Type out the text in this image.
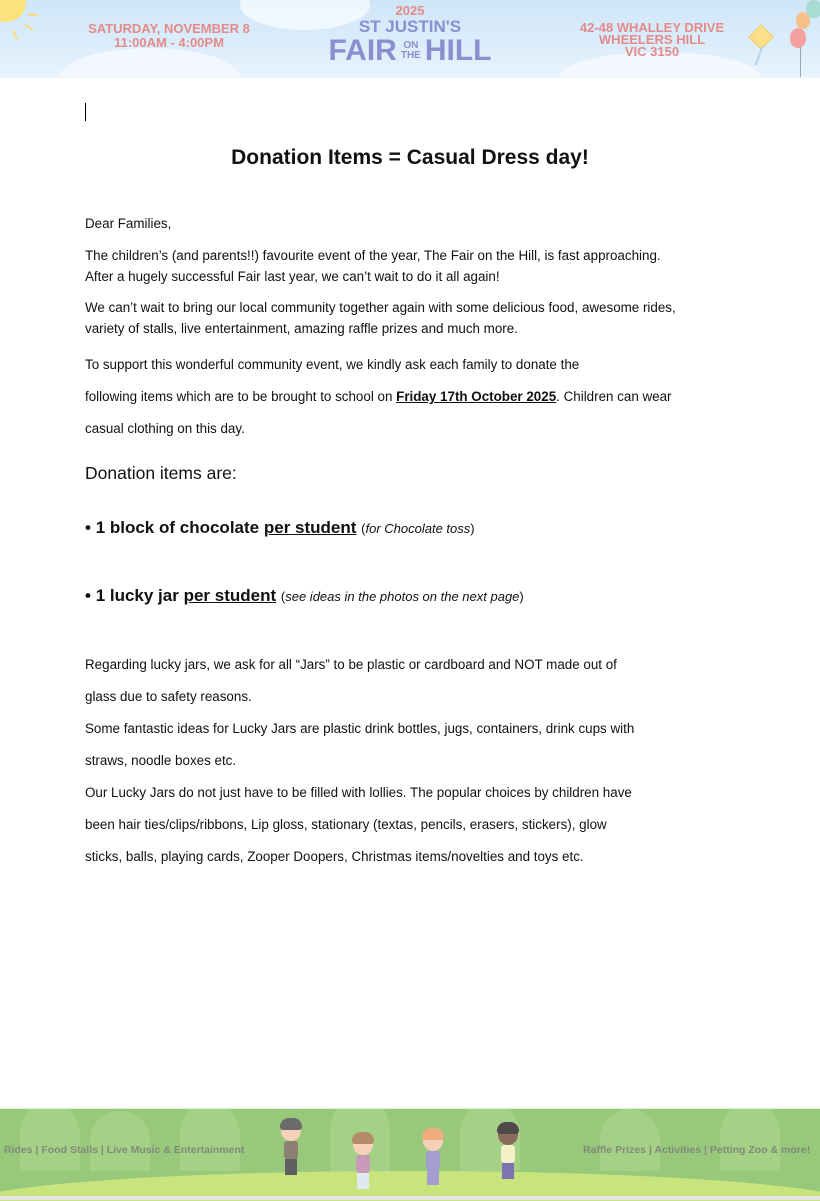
SATURDAY, NOVEMBER 8
11:00AM - 4:00PM
2025
ST JUSTIN'S
FAIR ON
THE HILL
42-48 WHALLEY DRIVE
WHEELERS HILL
VIC 3150
Donation Items = Casual Dress day!
Dear Families,
The children’s (and parents!!) favourite event of the year, The Fair on the Hill, is fast approaching.
After a hugely successful Fair last year, we can’t wait to do it all again!
We can’t wait to bring our local community together again with some delicious food, awesome rides,
variety of stalls, live entertainment, amazing raffle prizes and much more.
To support this wonderful community event, we kindly ask each family to donate the
following items which are to be brought to school on Friday 17th October 2025. Children can wear
casual clothing on this day.
Donation items are:
• 1 block of chocolate per student (for Chocolate toss)
• 1 lucky jar per student (see ideas in the photos on the next page)
Regarding lucky jars, we ask for all “Jars” to be plastic or cardboard and NOT made out of
glass due to safety reasons.
Some fantastic ideas for Lucky Jars are plastic drink bottles, jugs, containers, drink cups with
straws, noodle boxes etc.
Our Lucky Jars do not just have to be filled with lollies. The popular choices by children have
been hair ties/clips/ribbons, Lip gloss, stationary (textas, pencils, erasers, stickers), glow
sticks, balls, playing cards, Zooper Doopers, Christmas items/novelties and toys etc.
Rides | Food Stalls | Live Music & Entertainment	Raffle Prizes | Activities | Petting Zoo & more!
